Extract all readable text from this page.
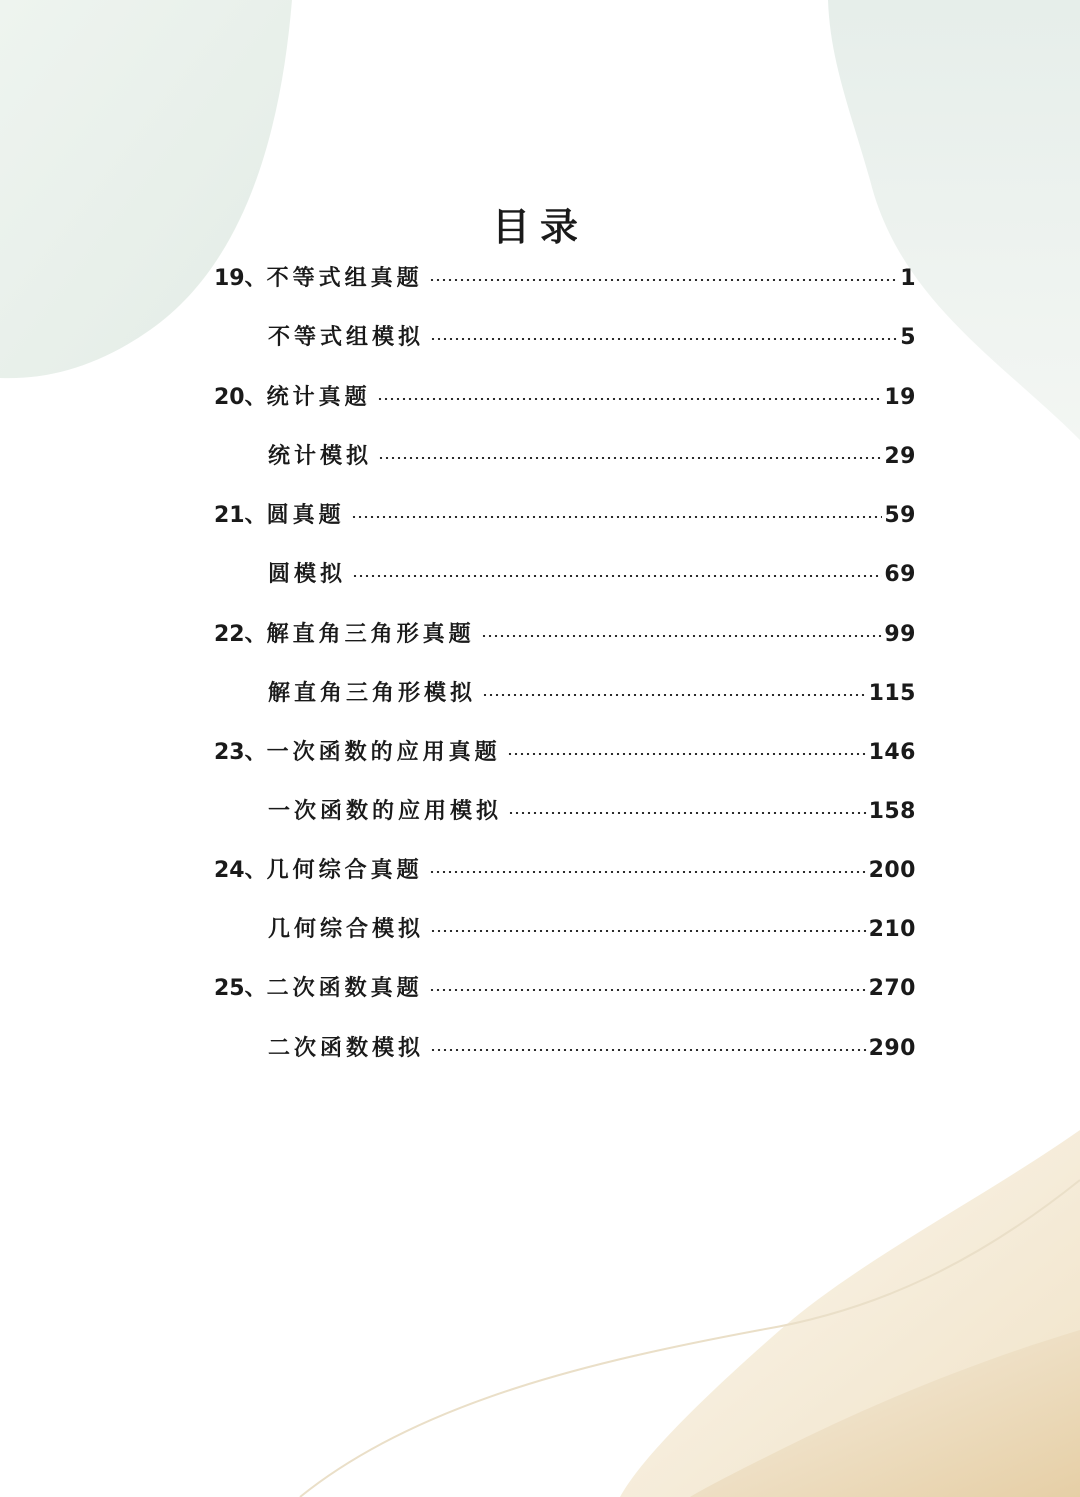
目录
19、 不等式组真题	1
不等式组模拟	5
20、 统计真题	19
统计模拟	29
21、 圆真题	59
圆模拟	69
22、 解直角三角形真题	99
解直角三角形模拟	115
23、 一次函数的应用真题	146
一次函数的应用模拟	158
24、 几何综合真题	200
几何综合模拟	210
25、 二次函数真题	270
二次函数模拟	290
